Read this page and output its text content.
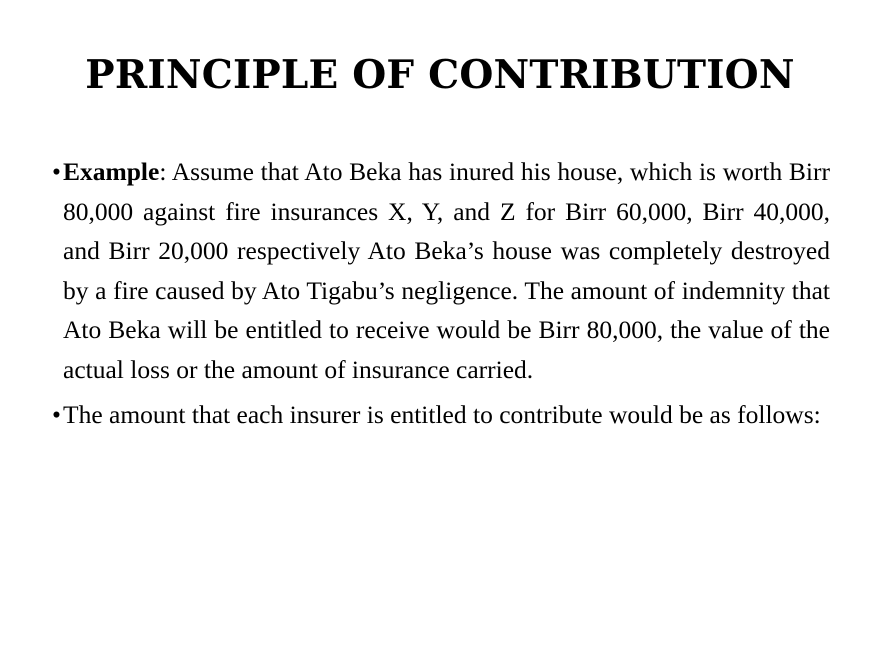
PRINCIPLE OF CONTRIBUTION

• Example: Assume that Ato Beka has inured his house, which is worth Birr 80,000 against fire insurances X, Y, and Z for Birr 60,000, Birr 40,000, and Birr 20,000 respectively Ato Beka’s house was completely destroyed by a fire caused by Ato Tigabu’s negligence. The amount of indemnity that Ato Beka will be entitled to receive would be Birr 80,000, the value of the actual loss or the amount of insurance carried.

• The amount that each insurer is entitled to contribute would be as follows:
